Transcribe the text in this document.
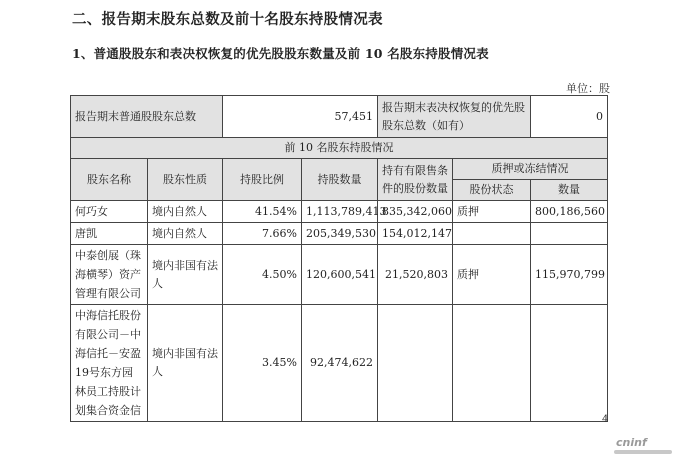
二、报告期末股东总数及前十名股东持股情况表
1、普通股股东和表决权恢复的优先股股东数量及前 10 名股东持股情况表
单位：股
报告期末普通股股东总数		57,451		报告期末表决权恢复的优先股股东总数（如有）		0
前 10 名股东持股情况						
股东名称	股东性质	持股比例	持股数量	持有有限售条件的股份数量	质押或冻结情况	
					股份状态	数量
何巧女	境内自然人	41.54%	1,113,789,413	835,342,060	质押	800,186,560
唐凯	境内自然人	7.66%	205,349,530	154,012,147		
中泰创展（珠海横琴）资产管理有限公司	境内非国有法人	4.50%	120,600,541	21,520,803	质押	115,970,799
中海信托股份有限公司－中海信托－安盈19号东方园林员工持股计划集合资金信	境内非国有法人	3.45%	92,474,622			
4
cninf
